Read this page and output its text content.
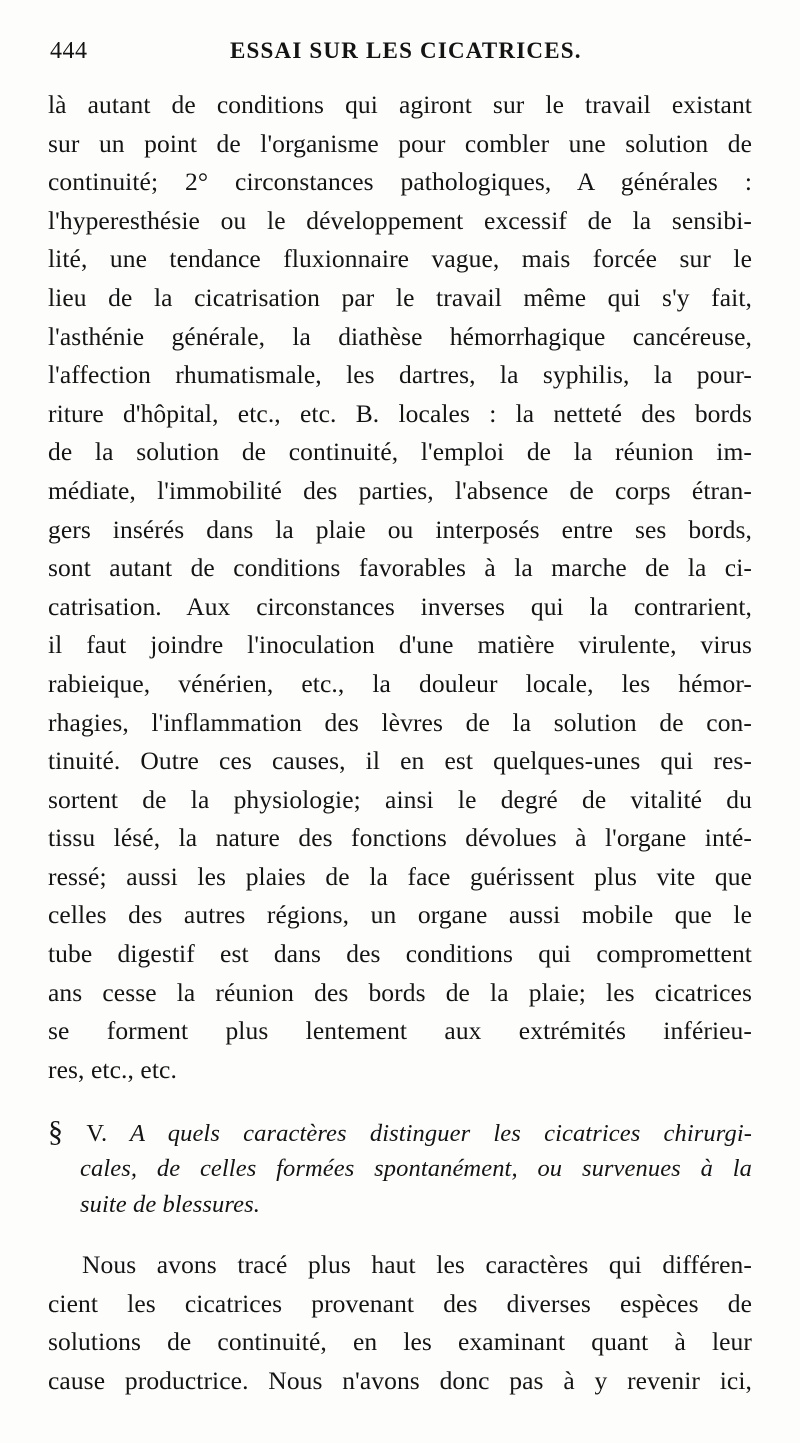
444	ESSAI SUR LES CICATRICES.
là autant de conditions qui agiront sur le travail existant
sur un point de l'organisme pour combler une solution de
continuité; 2° circonstances pathologiques, A générales :
l'hyperesthésie ou le développement excessif de la sensibi-
lité, une tendance fluxionnaire vague, mais forcée sur le
lieu de la cicatrisation par le travail même qui s'y fait,
l'asthénie générale, la diathèse hémorrhagique cancéreuse,
l'affection rhumatismale, les dartres, la syphilis, la pour-
riture d'hôpital, etc., etc. B. locales : la netteté des bords
de la solution de continuité, l'emploi de la réunion im-
médiate, l'immobilité des parties, l'absence de corps étran-
gers insérés dans la plaie ou interposés entre ses bords,
sont autant de conditions favorables à la marche de la ci-
catrisation. Aux circonstances inverses qui la contrarient,
il faut joindre l'inoculation d'une matière virulente, virus
rabieique, vénérien, etc., la douleur locale, les hémor-
rhagies, l'inflammation des lèvres de la solution de con-
tinuité. Outre ces causes, il en est quelques-unes qui res-
sortent de la physiologie; ainsi le degré de vitalité du
tissu lésé, la nature des fonctions dévolues à l'organe inté-
ressé; aussi les plaies de la face guérissent plus vite que
celles des autres régions, un organe aussi mobile que le
tube digestif est dans des conditions qui compromettent
ans cesse la réunion des bords de la plaie; les cicatrices
se forment plus lentement aux extrémités inférieu-
res, etc., etc.
§ V. A quels caractères distinguer les cicatrices chirurgi-
cales, de celles formées spontanément, ou survenues à la
suite de blessures.
Nous avons tracé plus haut les caractères qui différen-
cient les cicatrices provenant des diverses espèces de
solutions de continuité, en les examinant quant à leur
cause productrice. Nous n'avons donc pas à y revenir ici,
